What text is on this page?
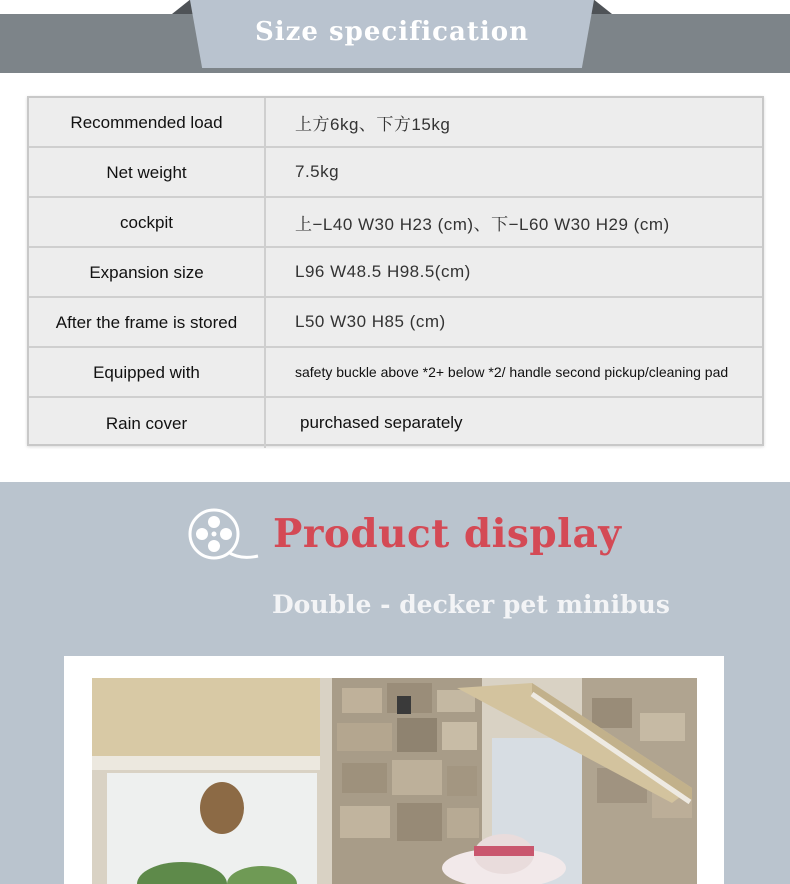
Size specification
Recommended load	上方6kg、下方15kg
Net weight	7.5kg
cockpit	上−L40 W30 H23 (cm)、下−L60 W30 H29 (cm)
Expansion size	L96 W48.5 H98.5(cm)
After the frame is stored	L50 W30 H85 (cm)
Equipped with	safety buckle above *2+ below *2/ handle second pickup/cleaning pad
Rain cover	purchased separately
Product display
Double - decker pet minibus
